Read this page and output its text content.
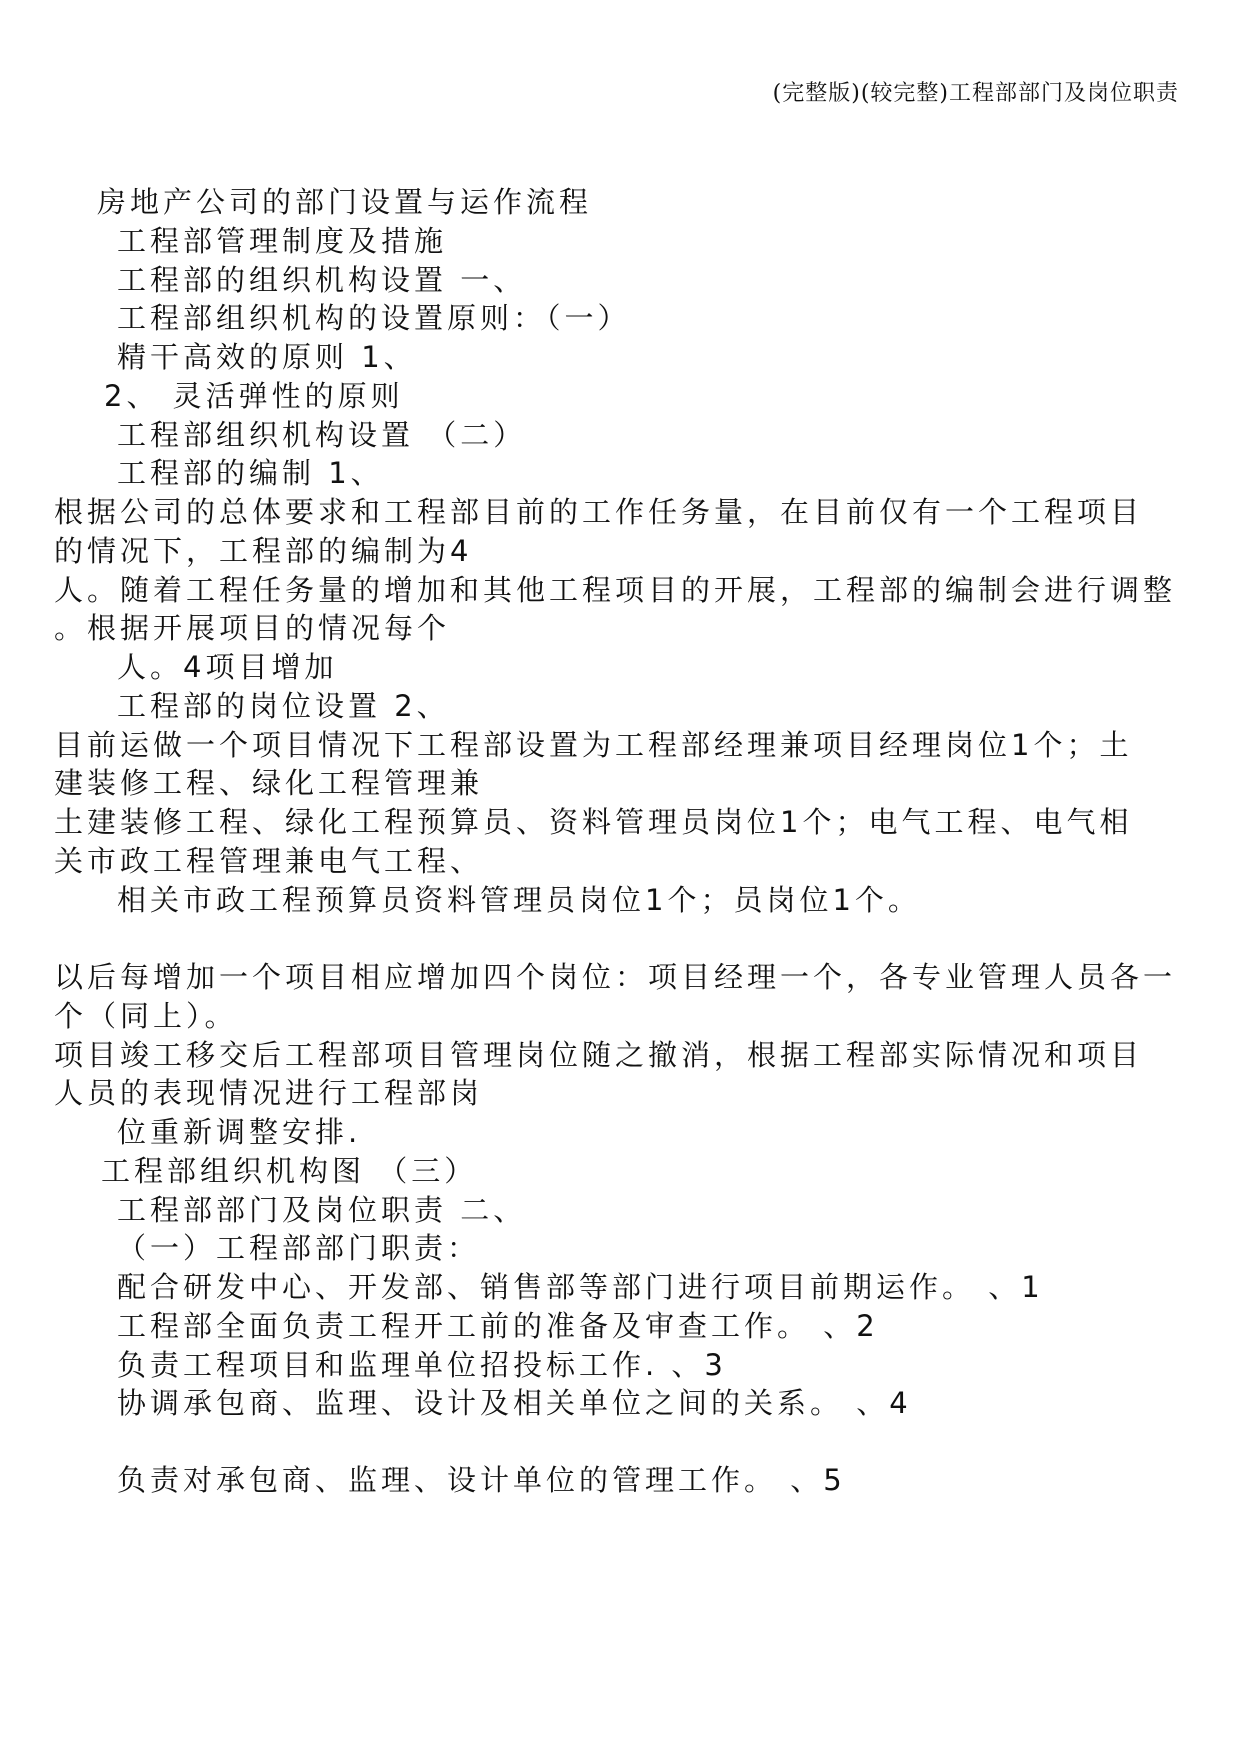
(完整版)(较完整)工程部部门及岗位职责
房地产公司的部门设置与运作流程
工程部管理制度及措施
工程部的组织机构设置 一、
工程部组织机构的设置原则：（一）
精干高效的原则 1、
2、 灵活弹性的原则
工程部组织机构设置 （二）
工程部的编制 1、
根据公司的总体要求和工程部目前的工作任务量，在目前仅有一个工程项目
的情况下，工程部的编制为4
人。随着工程任务量的增加和其他工程项目的开展，工程部的编制会进行调整
。根据开展项目的情况每个
人。4项目增加
工程部的岗位设置 2、
目前运做一个项目情况下工程部设置为工程部经理兼项目经理岗位1个；土
建装修工程、绿化工程管理兼
土建装修工程、绿化工程预算员、资料管理员岗位1个；电气工程、电气相
关市政工程管理兼电气工程、
相关市政工程预算员资料管理员岗位1个；员岗位1个。
以后每增加一个项目相应增加四个岗位：项目经理一个，各专业管理人员各一
个（同上）。
项目竣工移交后工程部项目管理岗位随之撤消，根据工程部实际情况和项目
人员的表现情况进行工程部岗
位重新调整安排.
工程部组织机构图 （三）
工程部部门及岗位职责 二、
（一）工程部部门职责：
配合研发中心、开发部、销售部等部门进行项目前期运作。 、1
工程部全面负责工程开工前的准备及审查工作。 、2
负责工程项目和监理单位招投标工作. 、3
协调承包商、监理、设计及相关单位之间的关系。 、4
负责对承包商、监理、设计单位的管理工作。 、5
